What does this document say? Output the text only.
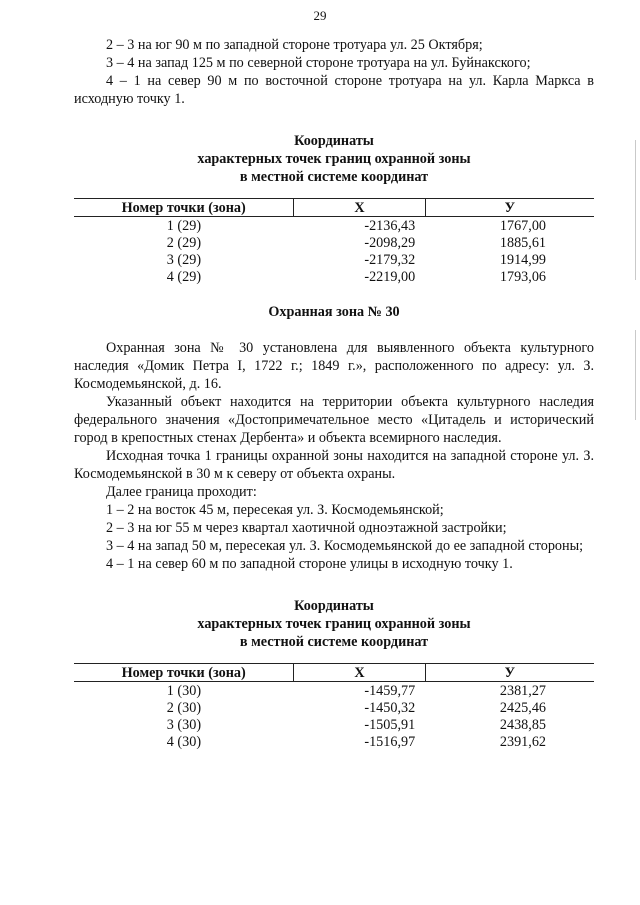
29

2 – 3 на юг 90 м по западной стороне тротуара ул. 25 Октября;

3 – 4 на запад 125 м по северной стороне тротуара на ул. Буйнакского;

4 – 1 на север 90 м по восточной стороне тротуара на ул. Карла Маркса в исходную точку 1.

Координаты

характерных точек границ охранной зоны

в местной системе координат

Номер точки (зона)	X	У
1 (29)	-2136,43	1767,00
2 (29)	-2098,29	1885,61
3 (29)	-2179,32	1914,99
4 (29)	-2219,00	1793,06

Охранная зона № 30

Охранная зона № 30 установлена для выявленного объекта культурного наследия «Домик Петра I, 1722 г.; 1849 г.», расположенного по адресу: ул. З. Космодемьянской, д. 16.

Указанный объект находится на территории объекта культурного наследия федерального значения «Достопримечательное место «Цитадель и исторический город в крепостных стенах Дербента» и объекта всемирного наследия.

Исходная точка 1 границы охранной зоны находится на западной стороне ул. З. Космодемьянской в 30 м к северу от объекта охраны.

Далее граница проходит:

1 – 2 на восток 45 м, пересекая ул. З. Космодемьянской;

2 – 3 на юг 55 м через квартал хаотичной одноэтажной застройки;

3 – 4 на запад 50 м, пересекая ул. З. Космодемьянской до ее западной стороны;

4 – 1 на север 60 м по западной стороне улицы в исходную точку 1.

Координаты

характерных точек границ охранной зоны

в местной системе координат

Номер точки (зона)	X	У
1 (30)	-1459,77	2381,27
2 (30)	-1450,32	2425,46
3 (30)	-1505,91	2438,85
4 (30)	-1516,97	2391,62
